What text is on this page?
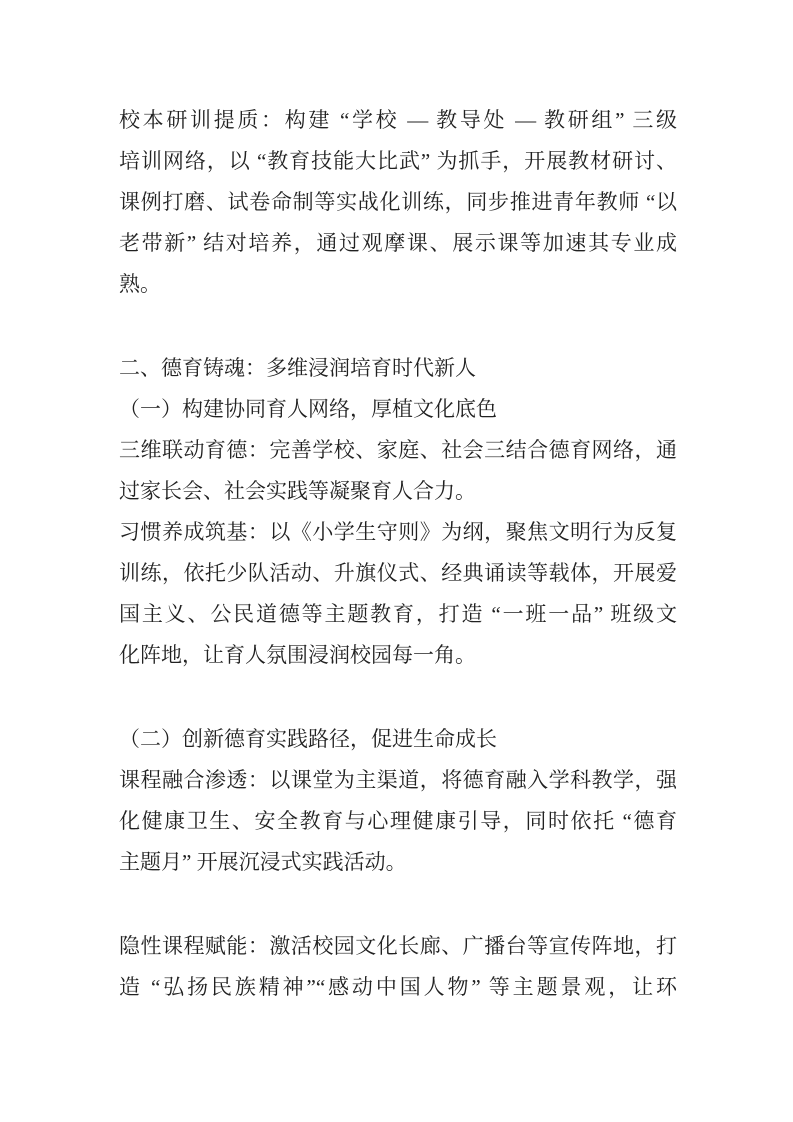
校本研训提质：构建 “学校 — 教导处 — 教研组” 三级
培训网络，以 “教育技能大比武” 为抓手，开展教材研讨、
课例打磨、试卷命制等实战化训练，同步推进青年教师 “以
老带新” 结对培养，通过观摩课、展示课等加速其专业成
熟。
二、德育铸魂：多维浸润培育时代新人
（一）构建协同育人网络，厚植文化底色
三维联动育德：完善学校、家庭、社会三结合德育网络，通
过家长会、社会实践等凝聚育人合力。
习惯养成筑基：以《小学生守则》为纲，聚焦文明行为反复
训练，依托少队活动、升旗仪式、经典诵读等载体，开展爱
国主义、公民道德等主题教育，打造 “一班一品” 班级文
化阵地，让育人氛围浸润校园每一角。
（二）创新德育实践路径，促进生命成长
课程融合渗透：以课堂为主渠道，将德育融入学科教学，强
化健康卫生、安全教育与心理健康引导，同时依托 “德育
主题月” 开展沉浸式实践活动。
隐性课程赋能：激活校园文化长廊、广播台等宣传阵地，打
造 “弘扬民族精神”“感动中国人物” 等主题景观，让环
